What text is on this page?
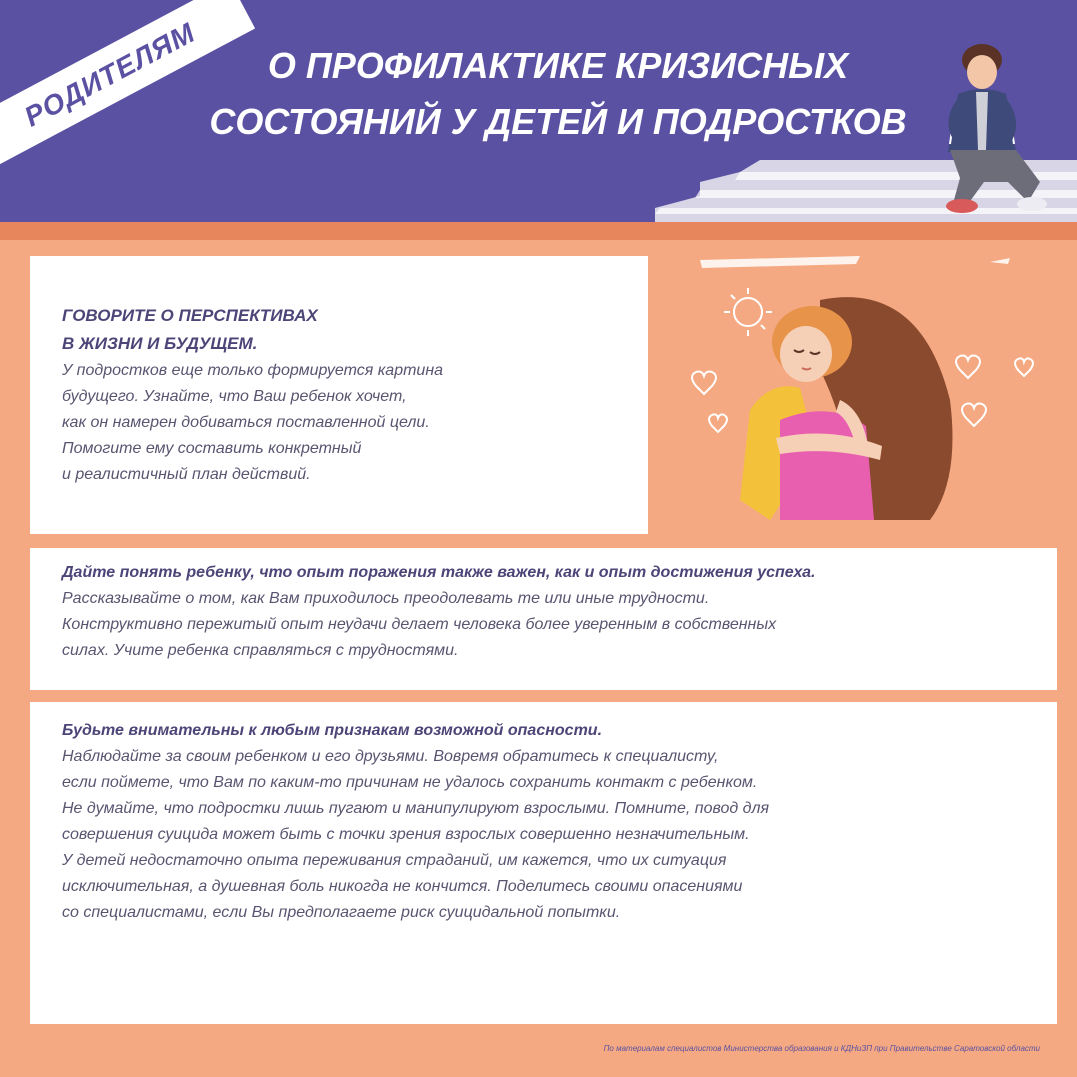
РОДИТЕЛЯМ	О ПРОФИЛАКТИКЕ КРИЗИСНЫХ
СОСТОЯНИЙ У ДЕТЕЙ И ПОДРОСТКОВ
ГОВОРИТЕ О ПЕРСПЕКТИВАХ
В ЖИЗНИ И БУДУЩЕМ.
У подростков еще только формируется картина
будущего. Узнайте, что Ваш ребенок хочет,
как он намерен добиваться поставленной цели.
Помогите ему составить конкретный
и реалистичный план действий.
Дайте понять ребенку, что опыт поражения также важен, как и опыт достижения успеха.
Рассказывайте о том, как Вам приходилось преодолевать те или иные трудности.
Конструктивно пережитый опыт неудачи делает человека более уверенным в собственных
силах. Учите ребенка справляться с трудностями.
Будьте внимательны к любым признакам возможной опасности.
Наблюдайте за своим ребенком и его друзьями. Вовремя обратитесь к специалисту,
если поймете, что Вам по каким-то причинам не удалось сохранить контакт с ребенком.
Не думайте, что подростки лишь пугают и манипулируют взрослыми. Помните, повод для
совершения суицида может быть с точки зрения взрослых совершенно незначительным.
У детей недостаточно опыта переживания страданий, им кажется, что их ситуация
исключительная, а душевная боль никогда не кончится. Поделитесь своими опасениями
со специалистами, если Вы предполагаете риск суицидальной попытки.
По материалам специалистов Министерства образования и КДНиЗП при Правительстве Саратовской области
